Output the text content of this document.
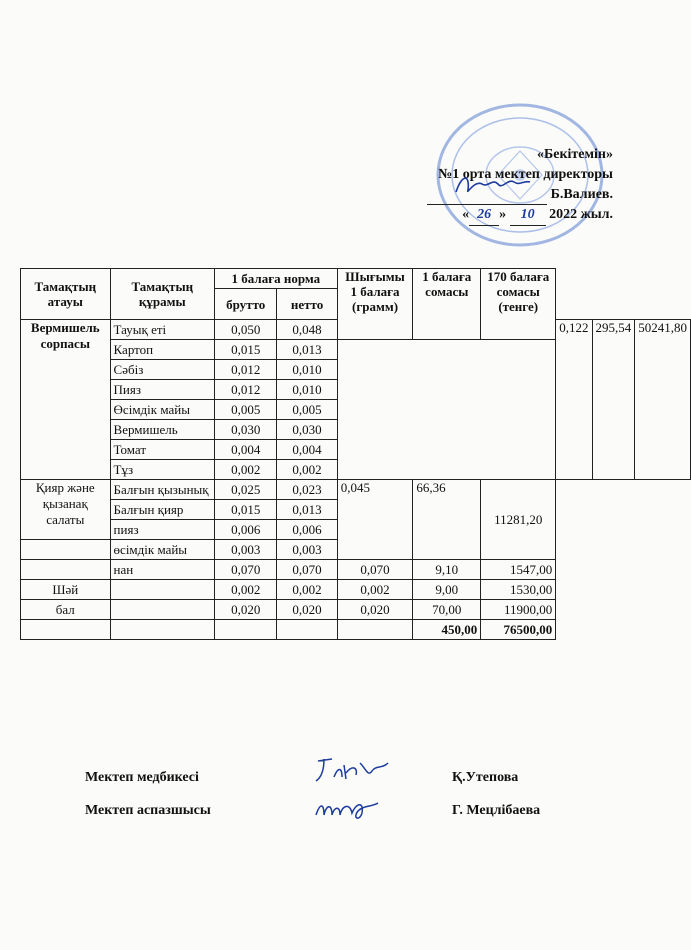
«Бекітемін»
№1 орта мектеп директоры
Б.Валиев.
« 26 » 10 2022 жыл.
Тамақтың атауы	Тамақтың құрамы	1 балаға норма		Шығымы 1 балаға (грамм)	1 балаға сомасы	170 балаға сомасы (тенге)			
		брутто	нетто						
Вермишель сорпасы	Тауық еті	0,050	0,048				0,122	295,54	50241,80
	Картоп	0,015	0,013						
	Сәбіз	0,012	0,010						
	Пияз	0,012	0,010						
	Өсімдік майы	0,005	0,005						
	Вермишель	0,030	0,030						
	Томат	0,004	0,004						
	Тұз	0,002	0,002						
Қияр және қызанақ салаты	Балғын қызынық	0,025	0,023	0,045	66,36	11281,20			
	Балғын қияр	0,015	0,013						
	пияз	0,006	0,006						
	өсімдік майы	0,003	0,003						
	нан	0,070	0,070	0,070	9,10	1547,00			
Шәй		0,002	0,002	0,002	9,00	1530,00			
бал		0,020	0,020	0,020	70,00	11900,00			
					450,00	76500,00			
Мектеп медбикесі	Қ.Утепова
Мектеп аспазшысы	Г. Мецлібаева
